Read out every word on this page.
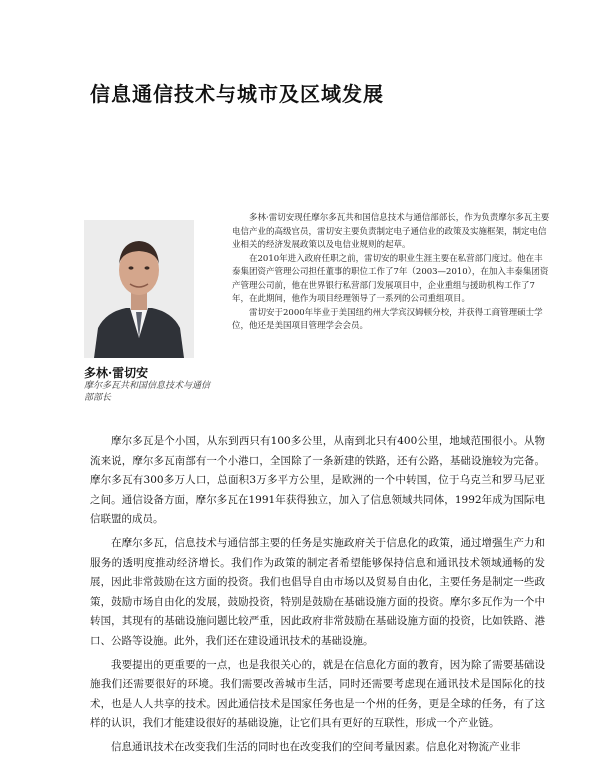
信息通信技术与城市及区域发展
多林·雷切安
摩尔多瓦共和国信息技术与通信部部长

多林·雷切安现任摩尔多瓦共和国信息技术与通信部部长，作为负责摩尔多瓦主要电信产业的高级官员，雷切安主要负责制定电子通信业的政策及实施框架，制定电信业相关的经济发展政策以及电信业规则的起草。

在2010年进入政府任职之前，雷切安的职业生涯主要在私营部门度过。他在丰泰集团资产管理公司担任董事的职位工作了7年（2003—2010），在加入丰泰集团资产管理公司前，他在世界银行私营部门发展项目中，企业重组与援助机构工作了7年，在此期间，他作为项目经理领导了一系列的公司重组项目。

雷切安于2000年毕业于美国纽约州大学宾汉姆顿分校，并获得工商管理硕士学位，他还是美国项目管理学会会员。

摩尔多瓦是个小国，从东到西只有100多公里，从南到北只有400公里，地域范围很小。从物流来说，摩尔多瓦南部有一个小港口，全国除了一条新建的铁路，还有公路，基础设施较为完备。摩尔多瓦有300多万人口，总面积3万多平方公里，是欧洲的一个中转国，位于乌克兰和罗马尼亚之间。通信设备方面，摩尔多瓦在1991年获得独立，加入了信息领域共同体，1992年成为国际电信联盟的成员。

在摩尔多瓦，信息技术与通信部主要的任务是实施政府关于信息化的政策，通过增强生产力和服务的透明度推动经济增长。我们作为政策的制定者希望能够保持信息和通讯技术领域通畅的发展，因此非常鼓励在这方面的投资。我们也倡导自由市场以及贸易自由化，主要任务是制定一些政策，鼓励市场自由化的发展，鼓励投资，特别是鼓励在基础设施方面的投资。摩尔多瓦作为一个中转国，其现有的基础设施问题比较严重，因此政府非常鼓励在基础设施方面的投资，比如铁路、港口、公路等设施。此外，我们还在建设通讯技术的基础设施。

我要提出的更重要的一点，也是我很关心的，就是在信息化方面的教育，因为除了需要基础设施我们还需要很好的环境。我们需要改善城市生活，同时还需要考虑现在通讯技术是国际化的技术，也是人人共享的技术。因此通信技术是国家任务也是一个州的任务，更是全球的任务，有了这样的认识，我们才能建设很好的基础设施，让它们具有更好的互联性，形成一个产业链。

信息通讯技术在改变我们生活的同时也在改变我们的空间考量因素。信息化对物流产业非
